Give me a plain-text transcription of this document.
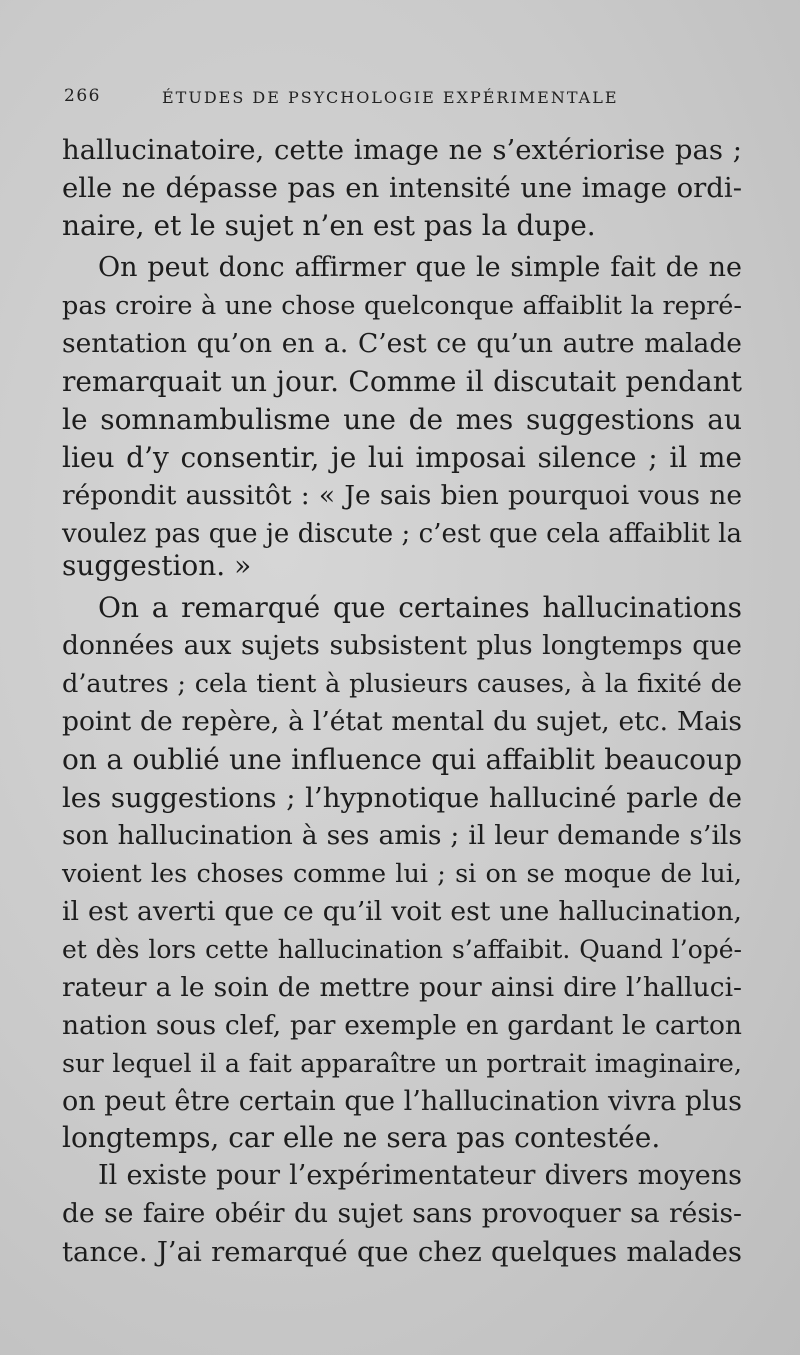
266	ÉTUDES DE PSYCHOLOGIE EXPÉRIMENTALE
hallucinatoire, cette image ne s’extériorise pas ;
elle ne dépasse pas en intensité une image ordi-
naire, et le sujet n’en est pas la dupe.
On peut donc affirmer que le simple fait de ne
pas croire à une chose quelconque affaiblit la repré-
sentation qu’on en a. C’est ce qu’un autre malade
remarquait un jour. Comme il discutait pendant
le somnambulisme une de mes suggestions au
lieu d’y consentir, je lui imposai silence ; il me
répondit aussitôt : « Je sais bien pourquoi vous ne
voulez pas que je discute ; c’est que cela affaiblit la
suggestion. »
On a remarqué que certaines hallucinations
données aux sujets subsistent plus longtemps que
d’autres ; cela tient à plusieurs causes, à la fixité de
point de repère, à l’état mental du sujet, etc. Mais
on a oublié une influence qui affaiblit beaucoup
les suggestions ; l’hypnotique halluciné parle de
son hallucination à ses amis ; il leur demande s’ils
voient les choses comme lui ; si on se moque de lui,
il est averti que ce qu’il voit est une hallucination,
et dès lors cette hallucination s’affaibit. Quand l’opé-
rateur a le soin de mettre pour ainsi dire l’halluci-
nation sous clef, par exemple en gardant le carton
sur lequel il a fait apparaître un portrait imaginaire,
on peut être certain que l’hallucination vivra plus
longtemps, car elle ne sera pas contestée.
Il existe pour l’expérimentateur divers moyens
de se faire obéir du sujet sans provoquer sa résis-
tance. J’ai remarqué que chez quelques malades
